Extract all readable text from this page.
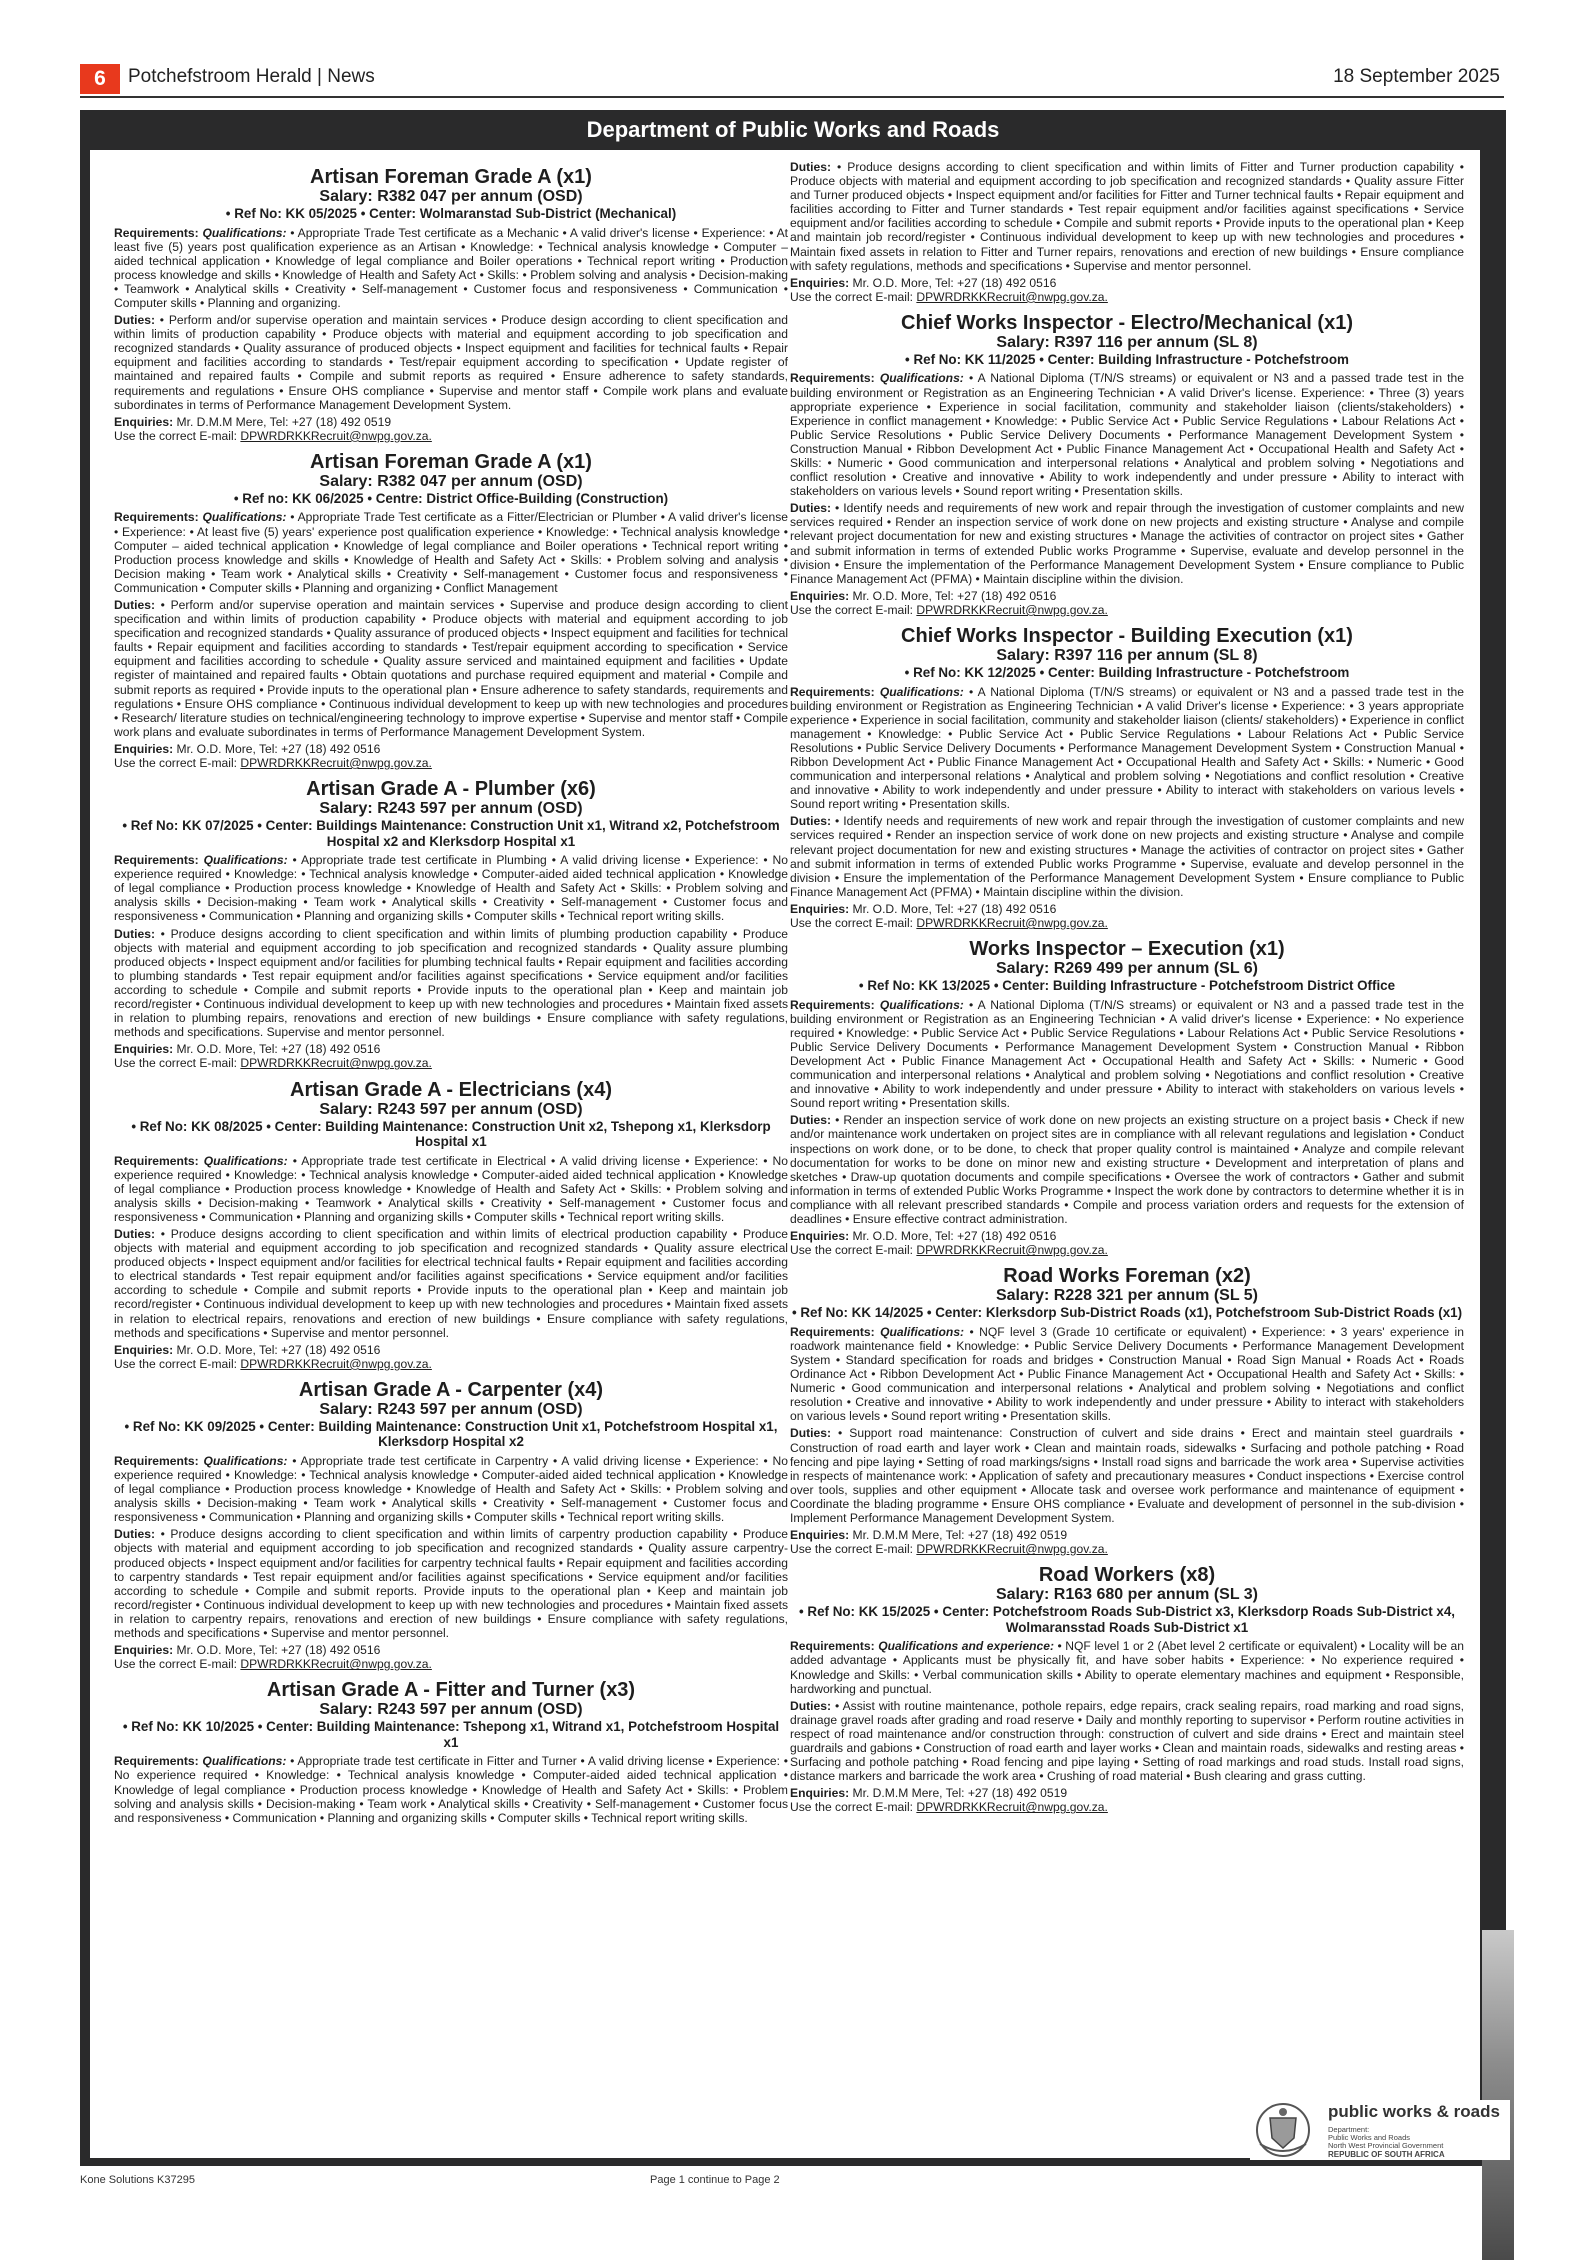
6	Potchefstroom Herald | News	18 September 2025
Department of Public Works and Roads
Artisan Foreman Grade A (x1)
Salary: R382 047 per annum (OSD)
• Ref No: KK 05/2025 • Center: Wolmaranstad Sub-District (Mechanical)

Requirements: Qualifications: • Appropriate Trade Test certificate as a Mechanic • A valid driver's license • Experience: • At least five (5) years post qualification experience as an Artisan • Knowledge: • Technical analysis knowledge • Computer – aided technical application • Knowledge of legal compliance and Boiler operations • Technical report writing • Production process knowledge and skills • Knowledge of Health and Safety Act • Skills: • Problem solving and analysis • Decision-making • Teamwork • Analytical skills • Creativity • Self-management • Customer focus and responsiveness • Communication • Computer skills • Planning and organizing.

Duties: • Perform and/or supervise operation and maintain services • Produce design according to client specification and within limits of production capability • Produce objects with material and equipment according to job specification and recognized standards • Quality assurance of produced objects • Inspect equipment and facilities for technical faults • Repair equipment and facilities according to standards • Test/repair equipment according to specification • Update register of maintained and repaired faults • Compile and submit reports as required • Ensure adherence to safety standards, requirements and regulations • Ensure OHS compliance • Supervise and mentor staff • Compile work plans and evaluate subordinates in terms of Performance Management Development System.

Enquiries: Mr. D.M.M Mere, Tel: +27 (18) 492 0519

Use the correct E-mail: DPWRDRKKRecruit@nwpg.gov.za.

Artisan Foreman Grade A (x1)
Salary: R382 047 per annum (OSD)
• Ref no: KK 06/2025 • Centre: District Office-Building (Construction)

Requirements: Qualifications: • Appropriate Trade Test certificate as a Fitter/Electrician or Plumber • A valid driver's license • Experience: • At least five (5) years' experience post qualification experience • Knowledge: • Technical analysis knowledge • Computer – aided technical application • Knowledge of legal compliance and Boiler operations • Technical report writing • Production process knowledge and skills • Knowledge of Health and Safety Act • Skills: • Problem solving and analysis • Decision making • Team work • Analytical skills • Creativity • Self-management • Customer focus and responsiveness • Communication • Computer skills • Planning and organizing • Conflict Management

Duties: • Perform and/or supervise operation and maintain services • Supervise and produce design according to client specification and within limits of production capability • Produce objects with material and equipment according to job specification and recognized standards • Quality assurance of produced objects • Inspect equipment and facilities for technical faults • Repair equipment and facilities according to standards • Test/repair equipment according to specification • Service equipment and facilities according to schedule • Quality assure serviced and maintained equipment and facilities • Update register of maintained and repaired faults • Obtain quotations and purchase required equipment and material • Compile and submit reports as required • Provide inputs to the operational plan • Ensure adherence to safety standards, requirements and regulations • Ensure OHS compliance • Continuous individual development to keep up with new technologies and procedures • Research/ literature studies on technical/engineering technology to improve expertise • Supervise and mentor staff • Compile work plans and evaluate subordinates in terms of Performance Management Development System.

Enquiries: Mr. O.D. More, Tel: +27 (18) 492 0516

Use the correct E-mail: DPWRDRKKRecruit@nwpg.gov.za.

Artisan Grade A - Plumber (x6)
Salary: R243 597 per annum (OSD)
• Ref No: KK 07/2025 • Center: Buildings Maintenance: Construction Unit x1, Witrand x2, Potchefstroom Hospital x2 and Klerksdorp Hospital x1

Requirements: Qualifications: • Appropriate trade test certificate in Plumbing • A valid driving license • Experience: • No experience required • Knowledge: • Technical analysis knowledge • Computer-aided aided technical application • Knowledge of legal compliance • Production process knowledge • Knowledge of Health and Safety Act • Skills: • Problem solving and analysis skills • Decision-making • Team work • Analytical skills • Creativity • Self-management • Customer focus and responsiveness • Communication • Planning and organizing skills • Computer skills • Technical report writing skills.

Duties: • Produce designs according to client specification and within limits of plumbing production capability • Produce objects with material and equipment according to job specification and recognized standards • Quality assure plumbing produced objects • Inspect equipment and/or facilities for plumbing technical faults • Repair equipment and facilities according to plumbing standards • Test repair equipment and/or facilities against specifications • Service equipment and/or facilities according to schedule • Compile and submit reports • Provide inputs to the operational plan • Keep and maintain job record/register • Continuous individual development to keep up with new technologies and procedures • Maintain fixed assets in relation to plumbing repairs, renovations and erection of new buildings • Ensure compliance with safety regulations, methods and specifications. Supervise and mentor personnel.

Enquiries: Mr. O.D. More, Tel: +27 (18) 492 0516

Use the correct E-mail: DPWRDRKKRecruit@nwpg.gov.za.

Artisan Grade A - Electricians (x4)
Salary: R243 597 per annum (OSD)
• Ref No: KK 08/2025 • Center: Building Maintenance: Construction Unit x2, Tshepong x1, Klerksdorp Hospital x1

Requirements: Qualifications: • Appropriate trade test certificate in Electrical • A valid driving license • Experience: • No experience required • Knowledge: • Technical analysis knowledge • Computer-aided aided technical application • Knowledge of legal compliance • Production process knowledge • Knowledge of Health and Safety Act • Skills: • Problem solving and analysis skills • Decision-making • Teamwork • Analytical skills • Creativity • Self-management • Customer focus and responsiveness • Communication • Planning and organizing skills • Computer skills • Technical report writing skills.

Duties: • Produce designs according to client specification and within limits of electrical production capability • Produce objects with material and equipment according to job specification and recognized standards • Quality assure electrical produced objects • Inspect equipment and/or facilities for electrical technical faults • Repair equipment and facilities according to electrical standards • Test repair equipment and/or facilities against specifications • Service equipment and/or facilities according to schedule • Compile and submit reports • Provide inputs to the operational plan • Keep and maintain job record/register • Continuous individual development to keep up with new technologies and procedures • Maintain fixed assets in relation to electrical repairs, renovations and erection of new buildings • Ensure compliance with safety regulations, methods and specifications • Supervise and mentor personnel.

Enquiries: Mr. O.D. More, Tel: +27 (18) 492 0516

Use the correct E-mail: DPWRDRKKRecruit@nwpg.gov.za.

Artisan Grade A - Carpenter (x4)
Salary: R243 597 per annum (OSD)
• Ref No: KK 09/2025 • Center: Building Maintenance: Construction Unit x1, Potchefstroom Hospital x1, Klerksdorp Hospital x2

Requirements: Qualifications: • Appropriate trade test certificate in Carpentry • A valid driving license • Experience: • No experience required • Knowledge: • Technical analysis knowledge • Computer-aided aided technical application • Knowledge of legal compliance • Production process knowledge • Knowledge of Health and Safety Act • Skills: • Problem solving and analysis skills • Decision-making • Team work • Analytical skills • Creativity • Self-management • Customer focus and responsiveness • Communication • Planning and organizing skills • Computer skills • Technical report writing skills.

Duties: • Produce designs according to client specification and within limits of carpentry production capability • Produce objects with material and equipment according to job specification and recognized standards • Quality assure carpentry-produced objects • Inspect equipment and/or facilities for carpentry technical faults • Repair equipment and facilities according to carpentry standards • Test repair equipment and/or facilities against specifications • Service equipment and/or facilities according to schedule • Compile and submit reports. Provide inputs to the operational plan • Keep and maintain job record/register • Continuous individual development to keep up with new technologies and procedures • Maintain fixed assets in relation to carpentry repairs, renovations and erection of new buildings • Ensure compliance with safety regulations, methods and specifications • Supervise and mentor personnel.

Enquiries: Mr. O.D. More, Tel: +27 (18) 492 0516

Use the correct E-mail: DPWRDRKKRecruit@nwpg.gov.za.

Artisan Grade A - Fitter and Turner (x3)
Salary: R243 597 per annum (OSD)
• Ref No: KK 10/2025 • Center: Building Maintenance: Tshepong x1, Witrand x1, Potchefstroom Hospital x1

Requirements: Qualifications: • Appropriate trade test certificate in Fitter and Turner • A valid driving license • Experience: • No experience required • Knowledge: • Technical analysis knowledge • Computer-aided aided technical application • Knowledge of legal compliance • Production process knowledge • Knowledge of Health and Safety Act • Skills: • Problem solving and analysis skills • Decision-making • Team work • Analytical skills • Creativity • Self-management • Customer focus and responsiveness • Communication • Planning and organizing skills • Computer skills • Technical report writing skills.

Duties: • Produce designs according to client specification and within limits of Fitter and Turner production capability • Produce objects with material and equipment according to job specification and recognized standards • Quality assure Fitter and Turner produced objects • Inspect equipment and/or facilities for Fitter and Turner technical faults • Repair equipment and facilities according to Fitter and Turner standards • Test repair equipment and/or facilities against specifications • Service equipment and/or facilities according to schedule • Compile and submit reports • Provide inputs to the operational plan • Keep and maintain job record/register • Continuous individual development to keep up with new technologies and procedures • Maintain fixed assets in relation to Fitter and Turner repairs, renovations and erection of new buildings • Ensure compliance with safety regulations, methods and specifications • Supervise and mentor personnel.

Enquiries: Mr. O.D. More, Tel: +27 (18) 492 0516

Use the correct E-mail: DPWRDRKKRecruit@nwpg.gov.za.

Chief Works Inspector - Electro/Mechanical (x1)
Salary: R397 116 per annum (SL 8)
• Ref No: KK 11/2025 • Center: Building Infrastructure - Potchefstroom

Requirements: Qualifications: • A National Diploma (T/N/S streams) or equivalent or N3 and a passed trade test in the building environment or Registration as an Engineering Technician • A valid Driver's license. Experience: • Three (3) years appropriate experience • Experience in social facilitation, community and stakeholder liaison (clients/stakeholders) • Experience in conflict management • Knowledge: • Public Service Act • Public Service Regulations • Labour Relations Act • Public Service Resolutions • Public Service Delivery Documents • Performance Management Development System • Construction Manual • Ribbon Development Act • Public Finance Management Act • Occupational Health and Safety Act • Skills: • Numeric • Good communication and interpersonal relations • Analytical and problem solving • Negotiations and conflict resolution • Creative and innovative • Ability to work independently and under pressure • Ability to interact with stakeholders on various levels • Sound report writing • Presentation skills.

Duties: • Identify needs and requirements of new work and repair through the investigation of customer complaints and new services required • Render an inspection service of work done on new projects and existing structure • Analyse and compile relevant project documentation for new and existing structures • Manage the activities of contractor on project sites • Gather and submit information in terms of extended Public works Programme • Supervise, evaluate and develop personnel in the division • Ensure the implementation of the Performance Management Development System • Ensure compliance to Public Finance Management Act (PFMA) • Maintain discipline within the division.

Enquiries: Mr. O.D. More, Tel: +27 (18) 492 0516

Use the correct E-mail: DPWRDRKKRecruit@nwpg.gov.za.

Chief Works Inspector - Building Execution (x1)
Salary: R397 116 per annum (SL 8)
• Ref No: KK 12/2025 • Center: Building Infrastructure - Potchefstroom

Requirements: Qualifications: • A National Diploma (T/N/S streams) or equivalent or N3 and a passed trade test in the building environment or Registration as Engineering Technician • A valid Driver's license • Experience: • 3 years appropriate experience • Experience in social facilitation, community and stakeholder liaison (clients/ stakeholders) • Experience in conflict management • Knowledge: • Public Service Act • Public Service Regulations • Labour Relations Act • Public Service Resolutions • Public Service Delivery Documents • Performance Management Development System • Construction Manual • Ribbon Development Act • Public Finance Management Act • Occupational Health and Safety Act • Skills: • Numeric • Good communication and interpersonal relations • Analytical and problem solving • Negotiations and conflict resolution • Creative and innovative • Ability to work independently and under pressure • Ability to interact with stakeholders on various levels • Sound report writing • Presentation skills.

Duties: • Identify needs and requirements of new work and repair through the investigation of customer complaints and new services required • Render an inspection service of work done on new projects and existing structure • Analyse and compile relevant project documentation for new and existing structures • Manage the activities of contractor on project sites • Gather and submit information in terms of extended Public works Programme • Supervise, evaluate and develop personnel in the division • Ensure the implementation of the Performance Management Development System • Ensure compliance to Public Finance Management Act (PFMA) • Maintain discipline within the division.

Enquiries: Mr. O.D. More, Tel: +27 (18) 492 0516

Use the correct E-mail: DPWRDRKKRecruit@nwpg.gov.za.

Works Inspector – Execution (x1)
Salary: R269 499 per annum (SL 6)
• Ref No: KK 13/2025 • Center: Building Infrastructure - Potchefstroom District Office

Requirements: Qualifications: • A National Diploma (T/N/S streams) or equivalent or N3 and a passed trade test in the building environment or Registration as an Engineering Technician • A valid driver's license • Experience: • No experience required • Knowledge: • Public Service Act • Public Service Regulations • Labour Relations Act • Public Service Resolutions • Public Service Delivery Documents • Performance Management Development System • Construction Manual • Ribbon Development Act • Public Finance Management Act • Occupational Health and Safety Act • Skills: • Numeric • Good communication and interpersonal relations • Analytical and problem solving • Negotiations and conflict resolution • Creative and innovative • Ability to work independently and under pressure • Ability to interact with stakeholders on various levels • Sound report writing • Presentation skills.

Duties: • Render an inspection service of work done on new projects an existing structure on a project basis • Check if new and/or maintenance work undertaken on project sites are in compliance with all relevant regulations and legislation • Conduct inspections on work done, or to be done, to check that proper quality control is maintained • Analyze and compile relevant documentation for works to be done on minor new and existing structure • Development and interpretation of plans and sketches • Draw-up quotation documents and compile specifications • Oversee the work of contractors • Gather and submit information in terms of extended Public Works Programme • Inspect the work done by contractors to determine whether it is in compliance with all relevant prescribed standards • Compile and process variation orders and requests for the extension of deadlines • Ensure effective contract administration.

Enquiries: Mr. O.D. More, Tel: +27 (18) 492 0516

Use the correct E-mail: DPWRDRKKRecruit@nwpg.gov.za.

Road Works Foreman (x2)
Salary: R228 321 per annum (SL 5)
• Ref No: KK 14/2025 • Center: Klerksdorp Sub-District Roads (x1), Potchefstroom Sub-District Roads (x1)

Requirements: Qualifications: • NQF level 3 (Grade 10 certificate or equivalent) • Experience: • 3 years' experience in roadwork maintenance field • Knowledge: • Public Service Delivery Documents • Performance Management Development System • Standard specification for roads and bridges • Construction Manual • Road Sign Manual • Roads Act • Roads Ordinance Act • Ribbon Development Act • Public Finance Management Act • Occupational Health and Safety Act • Skills: • Numeric • Good communication and interpersonal relations • Analytical and problem solving • Negotiations and conflict resolution • Creative and innovative • Ability to work independently and under pressure • Ability to interact with stakeholders on various levels • Sound report writing • Presentation skills.

Duties: • Support road maintenance: Construction of culvert and side drains • Erect and maintain steel guardrails • Construction of road earth and layer work • Clean and maintain roads, sidewalks • Surfacing and pothole patching • Road fencing and pipe laying • Setting of road markings/signs • Install road signs and barricade the work area • Supervise activities in respects of maintenance work: • Application of safety and precautionary measures • Conduct inspections • Exercise control over tools, supplies and other equipment • Allocate task and oversee work performance and maintenance of equipment • Coordinate the blading programme • Ensure OHS compliance • Evaluate and development of personnel in the sub-division • Implement Performance Management Development System.

Enquiries: Mr. D.M.M Mere, Tel: +27 (18) 492 0519

Use the correct E-mail: DPWRDRKKRecruit@nwpg.gov.za.

Road Workers (x8)
Salary: R163 680 per annum (SL 3)
• Ref No: KK 15/2025 • Center: Potchefstroom Roads Sub-District x3, Klerksdorp Roads Sub-District x4, Wolmaransstad Roads Sub-District x1

Requirements: Qualifications and experience: • NQF level 1 or 2 (Abet level 2 certificate or equivalent) • Locality will be an added advantage • Applicants must be physically fit, and have sober habits • Experience: • No experience required • Knowledge and Skills: • Verbal communication skills • Ability to operate elementary machines and equipment • Responsible, hardworking and punctual.

Duties: • Assist with routine maintenance, pothole repairs, edge repairs, crack sealing repairs, road marking and road signs, drainage gravel roads after grading and road reserve • Daily and monthly reporting to supervisor • Perform routine activities in respect of road maintenance and/or construction through: construction of culvert and side drains • Erect and maintain steel guardrails and gabions • Construction of road earth and layer works • Clean and maintain roads, sidewalks and resting areas • Surfacing and pothole patching • Road fencing and pipe laying • Setting of road markings and road studs. Install road signs, distance markers and barricade the work area • Crushing of road material • Bush clearing and grass cutting.

Enquiries: Mr. D.M.M Mere, Tel: +27 (18) 492 0519

Use the correct E-mail: DPWRDRKKRecruit@nwpg.gov.za.

public works & roads
Department:
Public Works and Roads
North West Provincial Government
REPUBLIC OF SOUTH AFRICA
Kone Solutions K37295	Page 1 continue to Page 2
